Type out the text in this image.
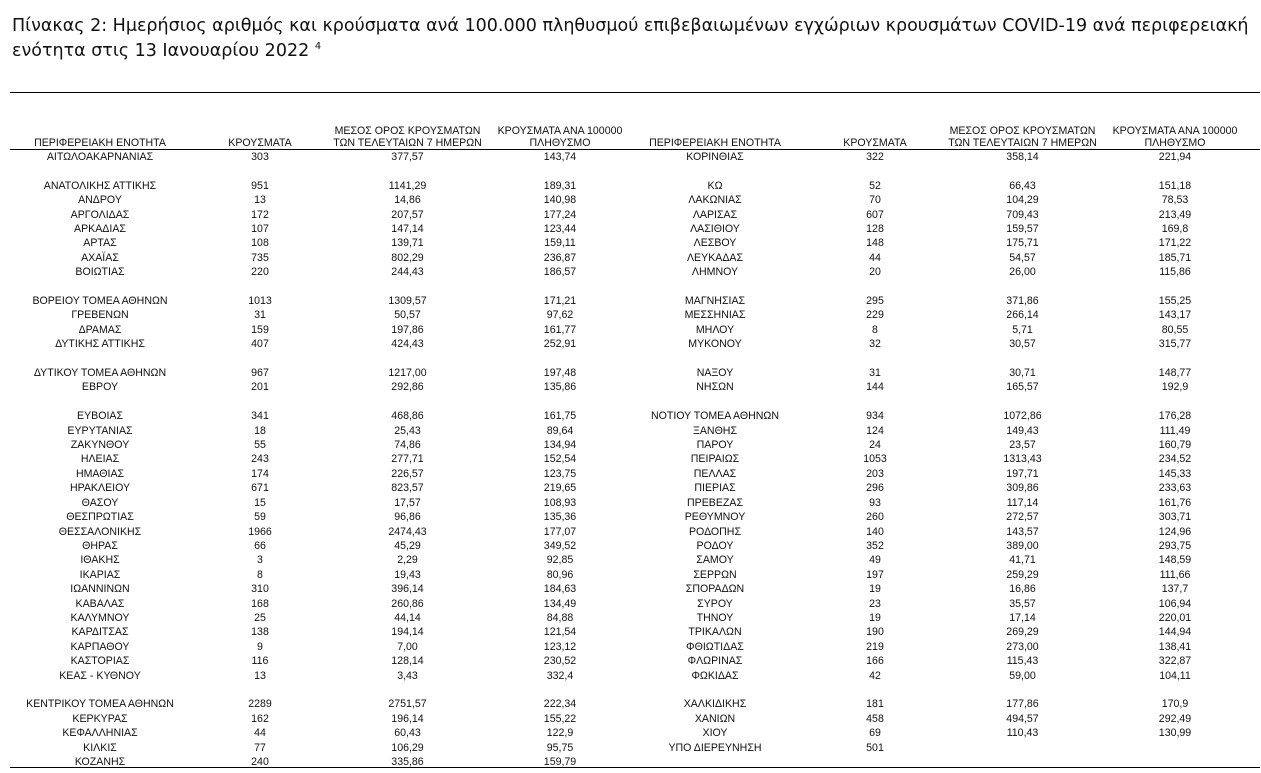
Πίνακας 2: Ημερήσιος αριθμός και κρούσματα ανά 100.000 πληθυσμού επιβεβαιωμένων εγχώριων κρουσμάτων COVID-19 ανά περιφερειακή ενότητα στις 13 Ιανουαρίου 2022 $^4$
ΠΕΡΙΦΕΡΕΙΑΚΗ ΕΝΟΤΗΤΑ	ΚΡΟΥΣΜΑΤΑ	ΜΕΣΟΣ ΟΡΟΣ ΚΡΟΥΣΜΑΤΩΝ
ΤΩΝ ΤΕΛΕΥΤΑΙΩΝ 7 ΗΜΕΡΩΝ	ΚΡΟΥΣΜΑΤΑ ΑΝΑ 100000
ΠΛΗΘΥΣΜΟ
ΑΙΤΩΛΟΑΚΑΡΝΑΝΙΑΣ	303	377,57	143,74

ΑΝΑΤΟΛΙΚΗΣ ΑΤΤΙΚΗΣ	951	1141,29	189,31
ΑΝΔΡΟΥ	13	14,86	140,98
ΑΡΓΟΛΙΔΑΣ	172	207,57	177,24
ΑΡΚΑΔΙΑΣ	107	147,14	123,44
ΑΡΤΑΣ	108	139,71	159,11
ΑΧΑΪΑΣ	735	802,29	236,87
ΒΟΙΩΤΙΑΣ	220	244,43	186,57

ΒΟΡΕΙΟΥ ΤΟΜΕΑ ΑΘΗΝΩΝ	1013	1309,57	171,21
ΓΡΕΒΕΝΩΝ	31	50,57	97,62
ΔΡΑΜΑΣ	159	197,86	161,77
ΔΥΤΙΚΗΣ ΑΤΤΙΚΗΣ	407	424,43	252,91

ΔΥΤΙΚΟΥ ΤΟΜΕΑ ΑΘΗΝΩΝ	967	1217,00	197,48
ΕΒΡΟΥ	201	292,86	135,86

ΕΥΒΟΙΑΣ	341	468,86	161,75
ΕΥΡΥΤΑΝΙΑΣ	18	25,43	89,64
ΖΑΚΥΝΘΟΥ	55	74,86	134,94
ΗΛΕΙΑΣ	243	277,71	152,54
ΗΜΑΘΙΑΣ	174	226,57	123,75
ΗΡΑΚΛΕΙΟΥ	671	823,57	219,65
ΘΑΣΟΥ	15	17,57	108,93
ΘΕΣΠΡΩΤΙΑΣ	59	96,86	135,36
ΘΕΣΣΑΛΟΝΙΚΗΣ	1966	2474,43	177,07
ΘΗΡΑΣ	66	45,29	349,52
ΙΘΑΚΗΣ	3	2,29	92,85
ΙΚΑΡΙΑΣ	8	19,43	80,96
ΙΩΑΝΝΙΝΩΝ	310	396,14	184,63
ΚΑΒΑΛΑΣ	168	260,86	134,49
ΚΑΛΥΜΝΟΥ	25	44,14	84,88
ΚΑΡΔΙΤΣΑΣ	138	194,14	121,54
ΚΑΡΠΑΘΟΥ	9	7,00	123,12
ΚΑΣΤΟΡΙΑΣ	116	128,14	230,52
ΚΕΑΣ - ΚΥΘΝΟΥ	13	3,43	332,4

ΚΕΝΤΡΙΚΟΥ ΤΟΜΕΑ ΑΘΗΝΩΝ	2289	2751,57	222,34
ΚΕΡΚΥΡΑΣ	162	196,14	155,22
ΚΕΦΑΛΛΗΝΙΑΣ	44	60,43	122,9
ΚΙΛΚΙΣ	77	106,29	95,75
ΚΟΖΑΝΗΣ	240	335,86	159,79
ΠΕΡΙΦΕΡΕΙΑΚΗ ΕΝΟΤΗΤΑ	ΚΡΟΥΣΜΑΤΑ	ΜΕΣΟΣ ΟΡΟΣ ΚΡΟΥΣΜΑΤΩΝ
ΤΩΝ ΤΕΛΕΥΤΑΙΩΝ 7 ΗΜΕΡΩΝ	ΚΡΟΥΣΜΑΤΑ ΑΝΑ 100000
ΠΛΗΘΥΣΜΟ
ΚΟΡΙΝΘΙΑΣ	322	358,14	221,94

ΚΩ	52	66,43	151,18
ΛΑΚΩΝΙΑΣ	70	104,29	78,53
ΛΑΡΙΣΑΣ	607	709,43	213,49
ΛΑΣΙΘΙΟΥ	128	159,57	169,8
ΛΕΣΒΟΥ	148	175,71	171,22
ΛΕΥΚΑΔΑΣ	44	54,57	185,71
ΛΗΜΝΟΥ	20	26,00	115,86

ΜΑΓΝΗΣΙΑΣ	295	371,86	155,25
ΜΕΣΣΗΝΙΑΣ	229	266,14	143,17
ΜΗΛΟΥ	8	5,71	80,55
ΜΥΚΟΝΟΥ	32	30,57	315,77

ΝΑΞΟΥ	31	30,71	148,77
ΝΗΣΩΝ	144	165,57	192,9

ΝΟΤΙΟΥ ΤΟΜΕΑ ΑΘΗΝΩΝ	934	1072,86	176,28
ΞΑΝΘΗΣ	124	149,43	111,49
ΠΑΡΟΥ	24	23,57	160,79
ΠΕΙΡΑΙΩΣ	1053	1313,43	234,52
ΠΕΛΛΑΣ	203	197,71	145,33
ΠΙΕΡΙΑΣ	296	309,86	233,63
ΠΡΕΒΕΖΑΣ	93	117,14	161,76
ΡΕΘΥΜΝΟΥ	260	272,57	303,71
ΡΟΔΟΠΗΣ	140	143,57	124,96
ΡΟΔΟΥ	352	389,00	293,75
ΣΑΜΟΥ	49	41,71	148,59
ΣΕΡΡΩΝ	197	259,29	111,66
ΣΠΟΡΑΔΩΝ	19	16,86	137,7
ΣΥΡΟΥ	23	35,57	106,94
ΤΗΝΟΥ	19	17,14	220,01
ΤΡΙΚΑΛΩΝ	190	269,29	144,94
ΦΘΙΩΤΙΔΑΣ	219	273,00	138,41
ΦΛΩΡΙΝΑΣ	166	115,43	322,87
ΦΩΚΙΔΑΣ	42	59,00	104,11

ΧΑΛΚΙΔΙΚΗΣ	181	177,86	170,9
ΧΑΝΙΩΝ	458	494,57	292,49
ΧΙΟΥ	69	110,43	130,99
ΥΠΟ ΔΙΕΡΕΥΝΗΣΗ	501		
